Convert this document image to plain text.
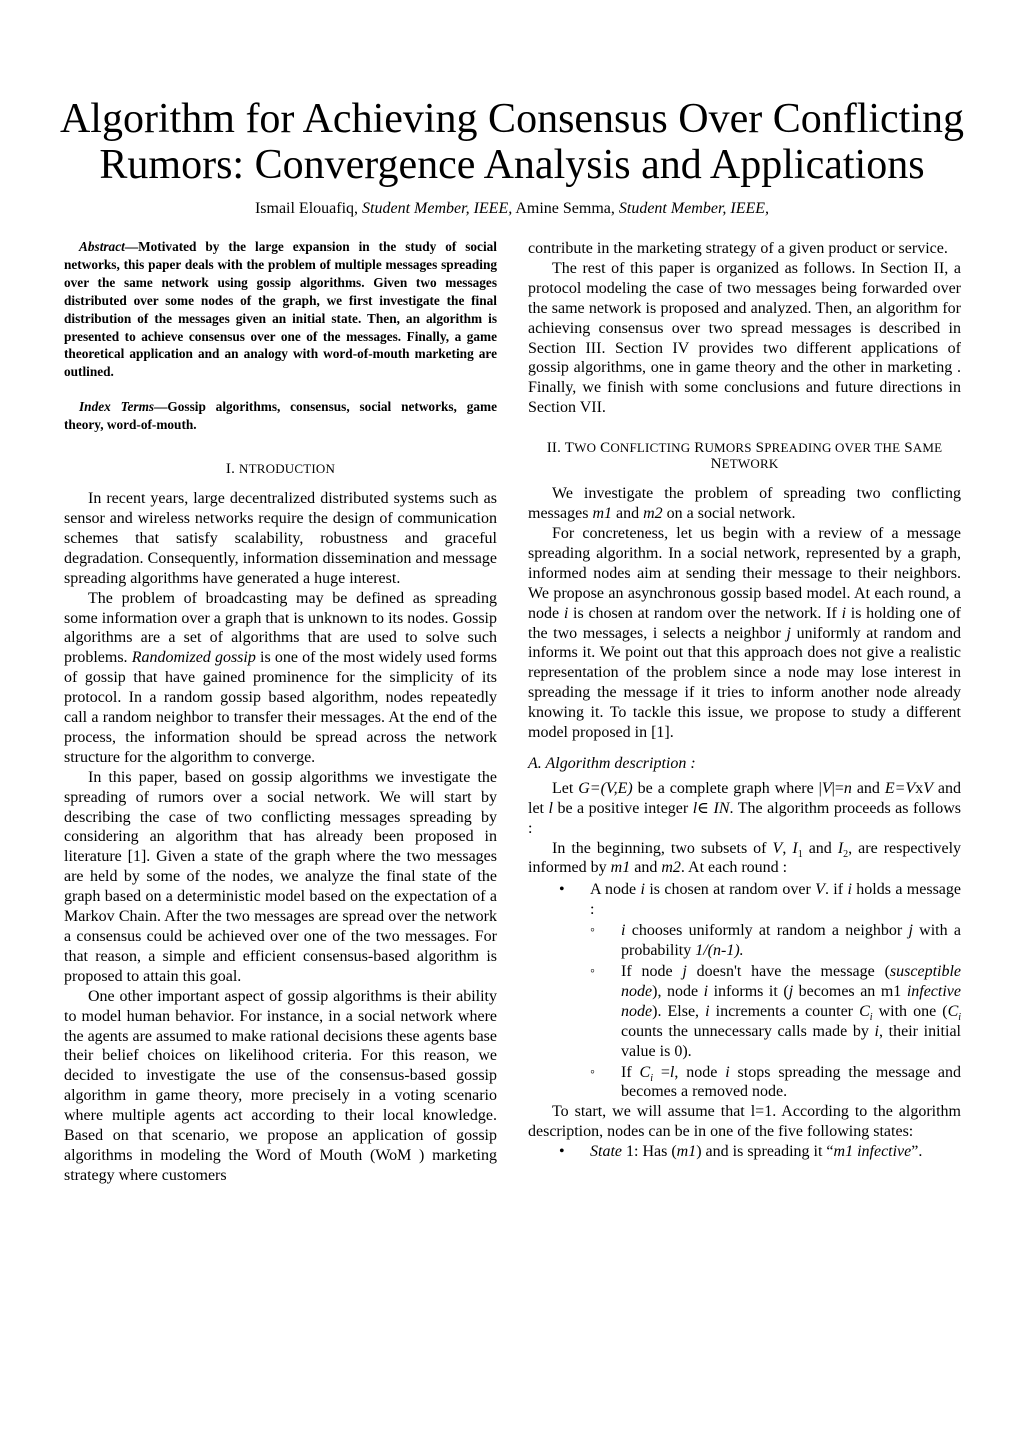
Algorithm for Achieving Consensus Over Conflicting Rumors: Convergence Analysis and Applications
Ismail Elouafiq, Student Member, IEEE, Amine Semma, Student Member, IEEE,

Abstract—Motivated by the large expansion in the study of social networks, this paper deals with the problem of multiple messages spreading over the same network using gossip algorithms. Given two messages distributed over some nodes of the graph, we first investigate the final distribution of the messages given an initial state. Then, an algorithm is presented to achieve consensus over one of the messages. Finally, a game theoretical application and an analogy with word-of-mouth marketing are outlined.

Index Terms—Gossip algorithms, consensus, social networks, game theory, word-of-mouth.

I. NTRODUCTION

In recent years, large decentralized distributed systems such as sensor and wireless networks require the design of communication schemes that satisfy scalability, robustness and graceful degradation. Consequently, information dissemination and message spreading algorithms have generated a huge interest.

The problem of broadcasting may be defined as spreading some information over a graph that is unknown to its nodes. Gossip algorithms are a set of algorithms that are used to solve such problems. Randomized gossip is one of the most widely used forms of gossip that have gained prominence for the simplicity of its protocol. In a random gossip based algorithm, nodes repeatedly call a random neighbor to transfer their messages. At the end of the process, the information should be spread across the network structure for the algorithm to converge.

In this paper, based on gossip algorithms we investigate the spreading of rumors over a social network. We will start by describing the case of two conflicting messages spreading by considering an algorithm that has already been proposed in literature [1]. Given a state of the graph where the two messages are held by some of the nodes, we analyze the final state of the graph based on a deterministic model based on the expectation of a Markov Chain. After the two messages are spread over the network a consensus could be achieved over one of the two messages. For that reason, a simple and efficient consensus-based algorithm is proposed to attain this goal.

One other important aspect of gossip algorithms is their ability to model human behavior. For instance, in a social network where the agents are assumed to make rational decisions these agents base their belief choices on likelihood criteria. For this reason, we decided to investigate the use of the consensus-based gossip algorithm in game theory, more precisely in a voting scenario where multiple agents act according to their local knowledge. Based on that scenario, we propose an application of gossip algorithms in modeling the Word of Mouth (WoM ) marketing strategy where customers

contribute in the marketing strategy of a given product or service.

The rest of this paper is organized as follows. In Section II, a protocol modeling the case of two messages being forwarded over the same network is proposed and analyzed. Then, an algorithm for achieving consensus over two spread messages is described in Section III. Section IV provides two different applications of gossip algorithms, one in game theory and the other in marketing . Finally, we finish with some conclusions and future directions in Section VII.

II. TWO CONFLICTING RUMORS SPREADING OVER THE SAME
NETWORK

We investigate the problem of spreading two conflicting messages m1 and m2 on a social network.

For concreteness, let us begin with a review of a message spreading algorithm. In a social network, represented by a graph, informed nodes aim at sending their message to their neighbors. We propose an asynchronous gossip based model. At each round, a node i is chosen at random over the network. If i is holding one of the two messages, i selects a neighbor j uniformly at random and informs it. We point out that this approach does not give a realistic representation of the problem since a node may lose interest in spreading the message if it tries to inform another node already knowing it. To tackle this issue, we propose to study a different model proposed in [1].

A. Algorithm description :

Let G=(V,E) be a complete graph where |V|=n and E=VxV and let l be a positive integer l∈ IN. The algorithm proceeds as follows :

In the beginning, two subsets of V, $I_1$ and $I_2$, are respectively informed by m1 and m2. At each round :

• A node i is chosen at random over V. if i holds a message :
◦ i chooses uniformly at random a neighbor j with a probability 1/(n-1).
◦ If node j doesn't have the message (susceptible node), node i informs it (j becomes an m1 infective node). Else, i increments a counter $C_i$ with one ($C_i$ counts the unnecessary calls made by i, their initial value is 0).
◦ If $C_i =l$, node i stops spreading the message and becomes a removed node.

To start, we will assume that l=1. According to the algorithm description, nodes can be in one of the five following states:

• State 1: Has (m1) and is spreading it “m1 infective”.
